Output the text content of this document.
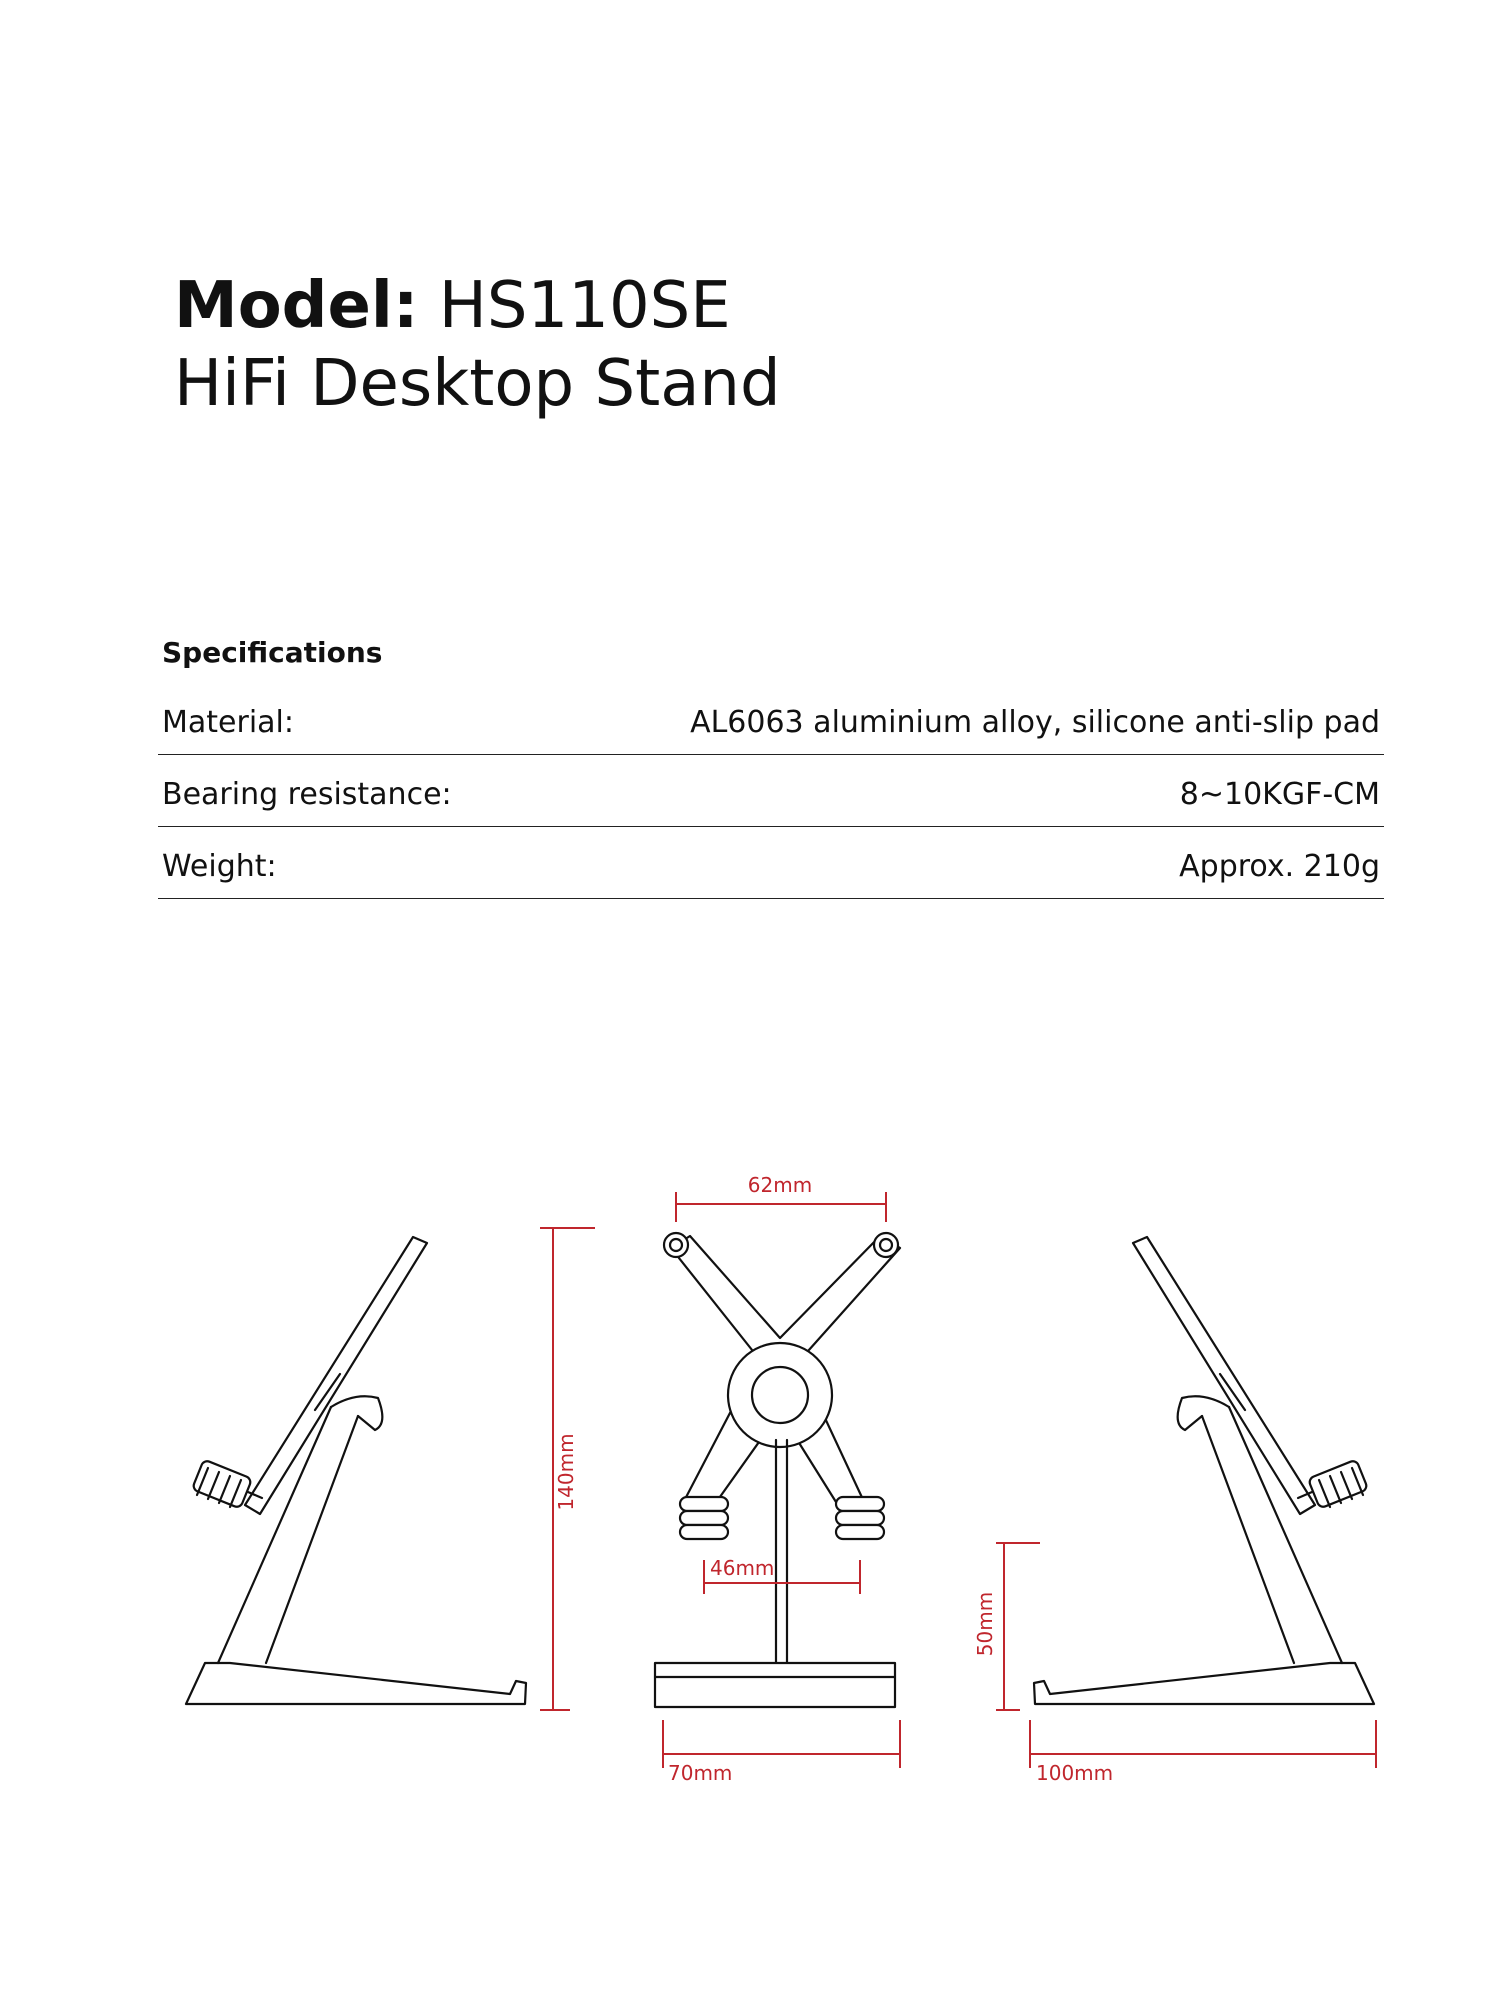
Model: HS110SE
HiFi Desktop Stand
Specifications
Material:	AL6063 aluminium alloy, silicone anti-slip pad
Bearing resistance:	8~10KGF-CM
Weight:	Approx. 210g
62mm
46mm
70mm	100mm
140mm
50mm
